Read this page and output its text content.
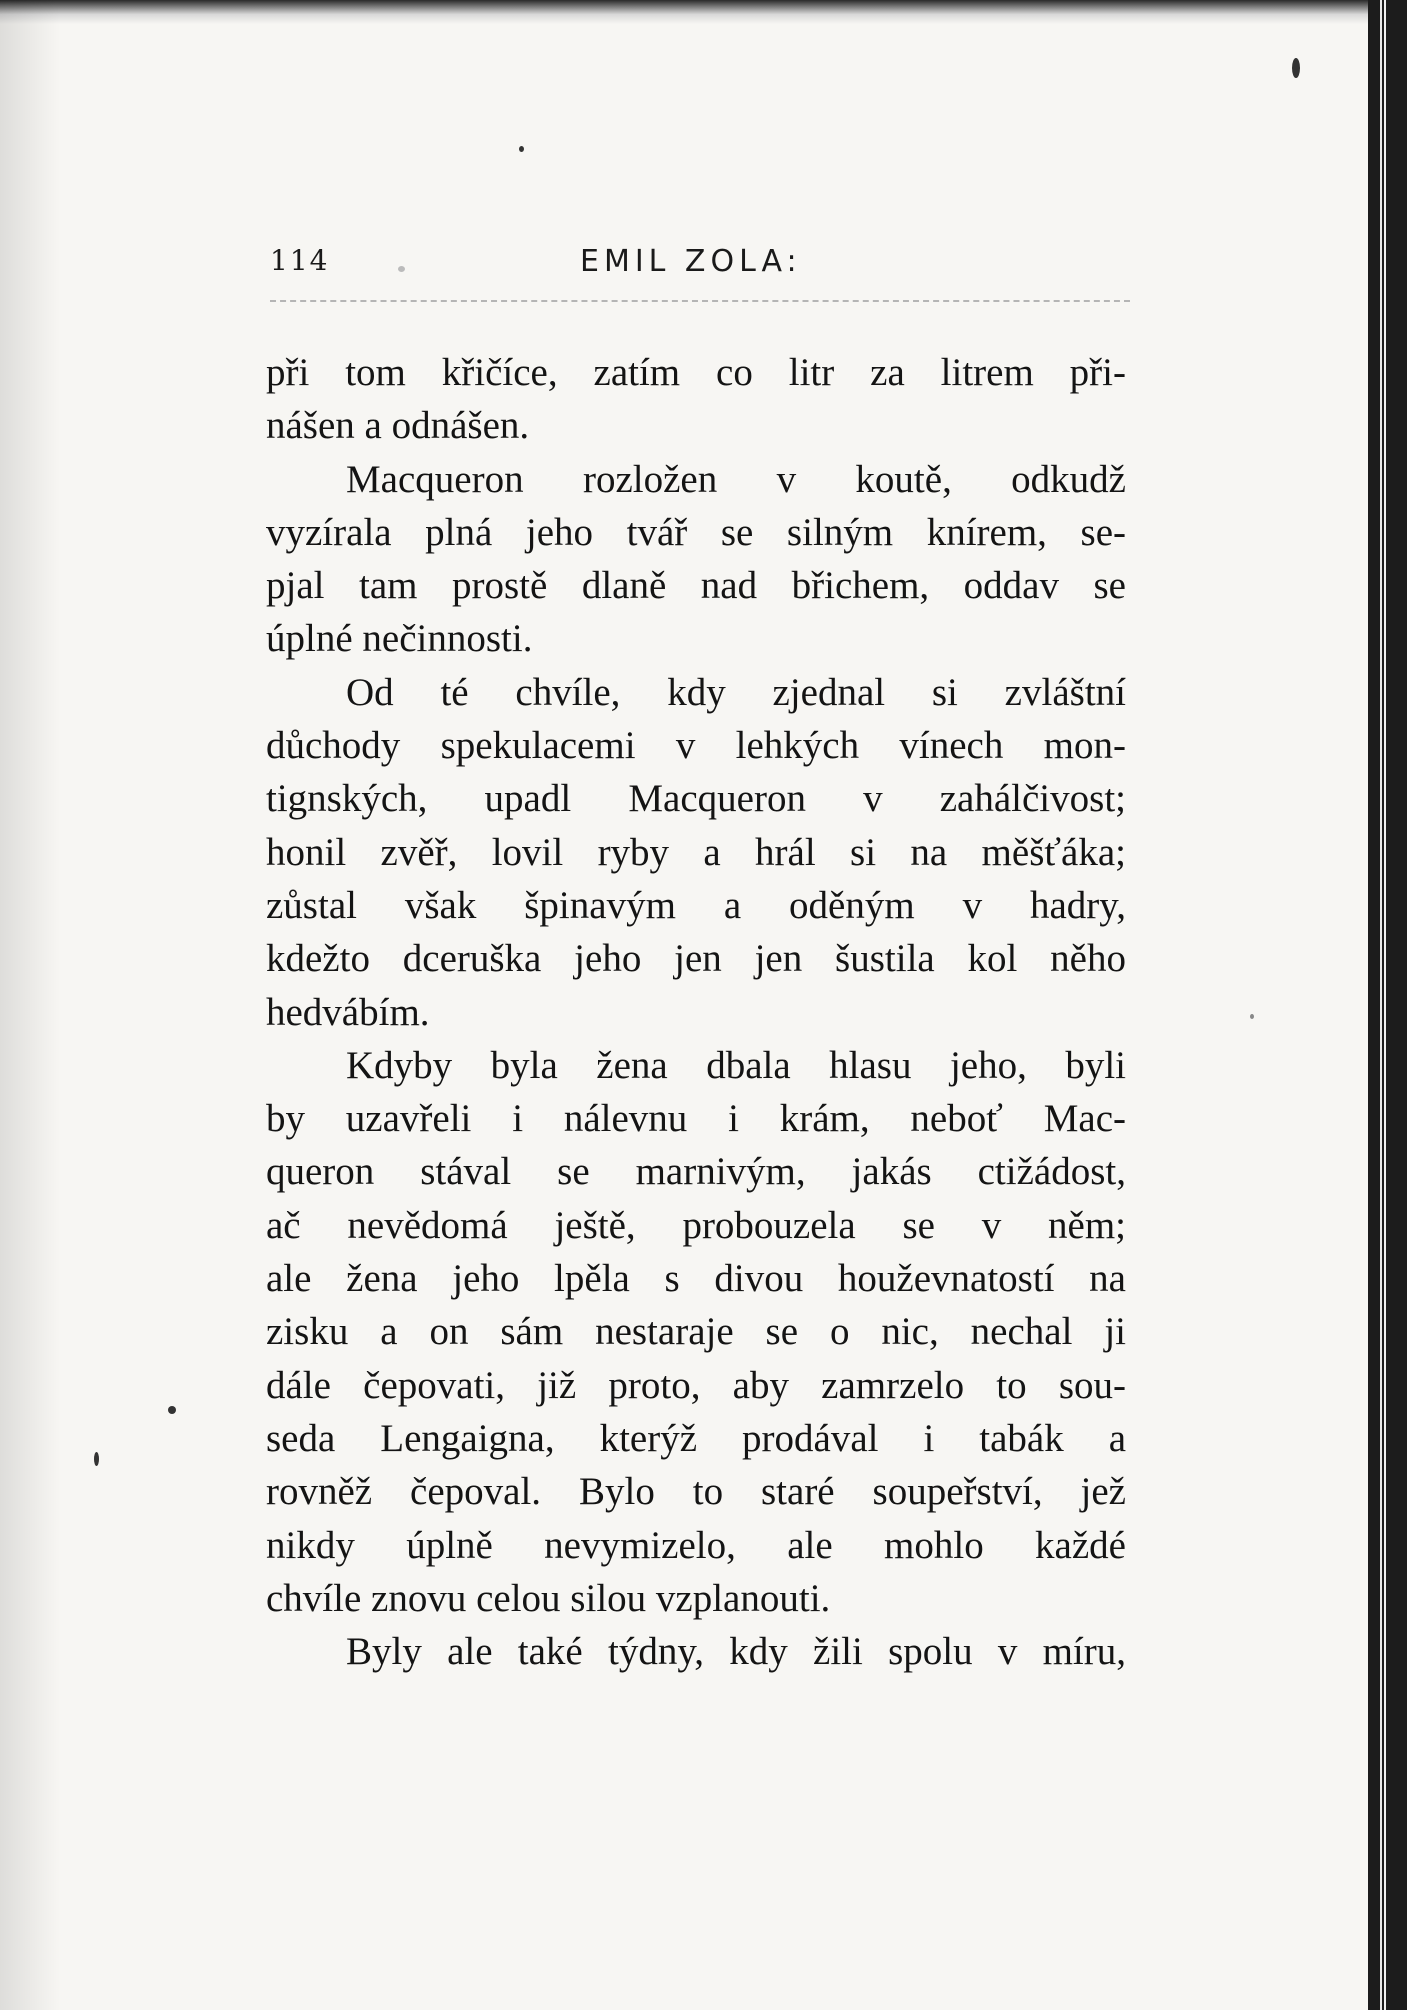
114	EMIL ZOLA:
při tom křičíce, zatím co litr za litrem při-
nášen a odnášen.
Macqueron rozložen v koutě, odkudž
vyzírala plná jeho tvář se silným knírem, se-
pjal tam prostě dlaně nad břichem, oddav se
úplné nečinnosti.
Od té chvíle, kdy zjednal si zvláštní
důchody spekulacemi v lehkých vínech mon-
tignských, upadl Macqueron v zahálčivost;
honil zvěř, lovil ryby a hrál si na měšťáka;
zůstal však špinavým a oděným v hadry,
kdežto dceruška jeho jen jen šustila kol něho
hedvábím.
Kdyby byla žena dbala hlasu jeho, byli
by uzavřeli i nálevnu i krám, neboť Mac-
queron stával se marnivým, jakás ctižádost,
ač nevědomá ještě, probouzela se v něm;
ale žena jeho lpěla s divou houževnatostí na
zisku a on sám nestaraje se o nic, nechal ji
dále čepovati, již proto, aby zamrzelo to sou-
seda Lengaigna, kterýž prodával i tabák a
rovněž čepoval. Bylo to staré soupeřství, jež
nikdy úplně nevymizelo, ale mohlo každé
chvíle znovu celou silou vzplanouti.
Byly ale také týdny, kdy žili spolu v míru,
